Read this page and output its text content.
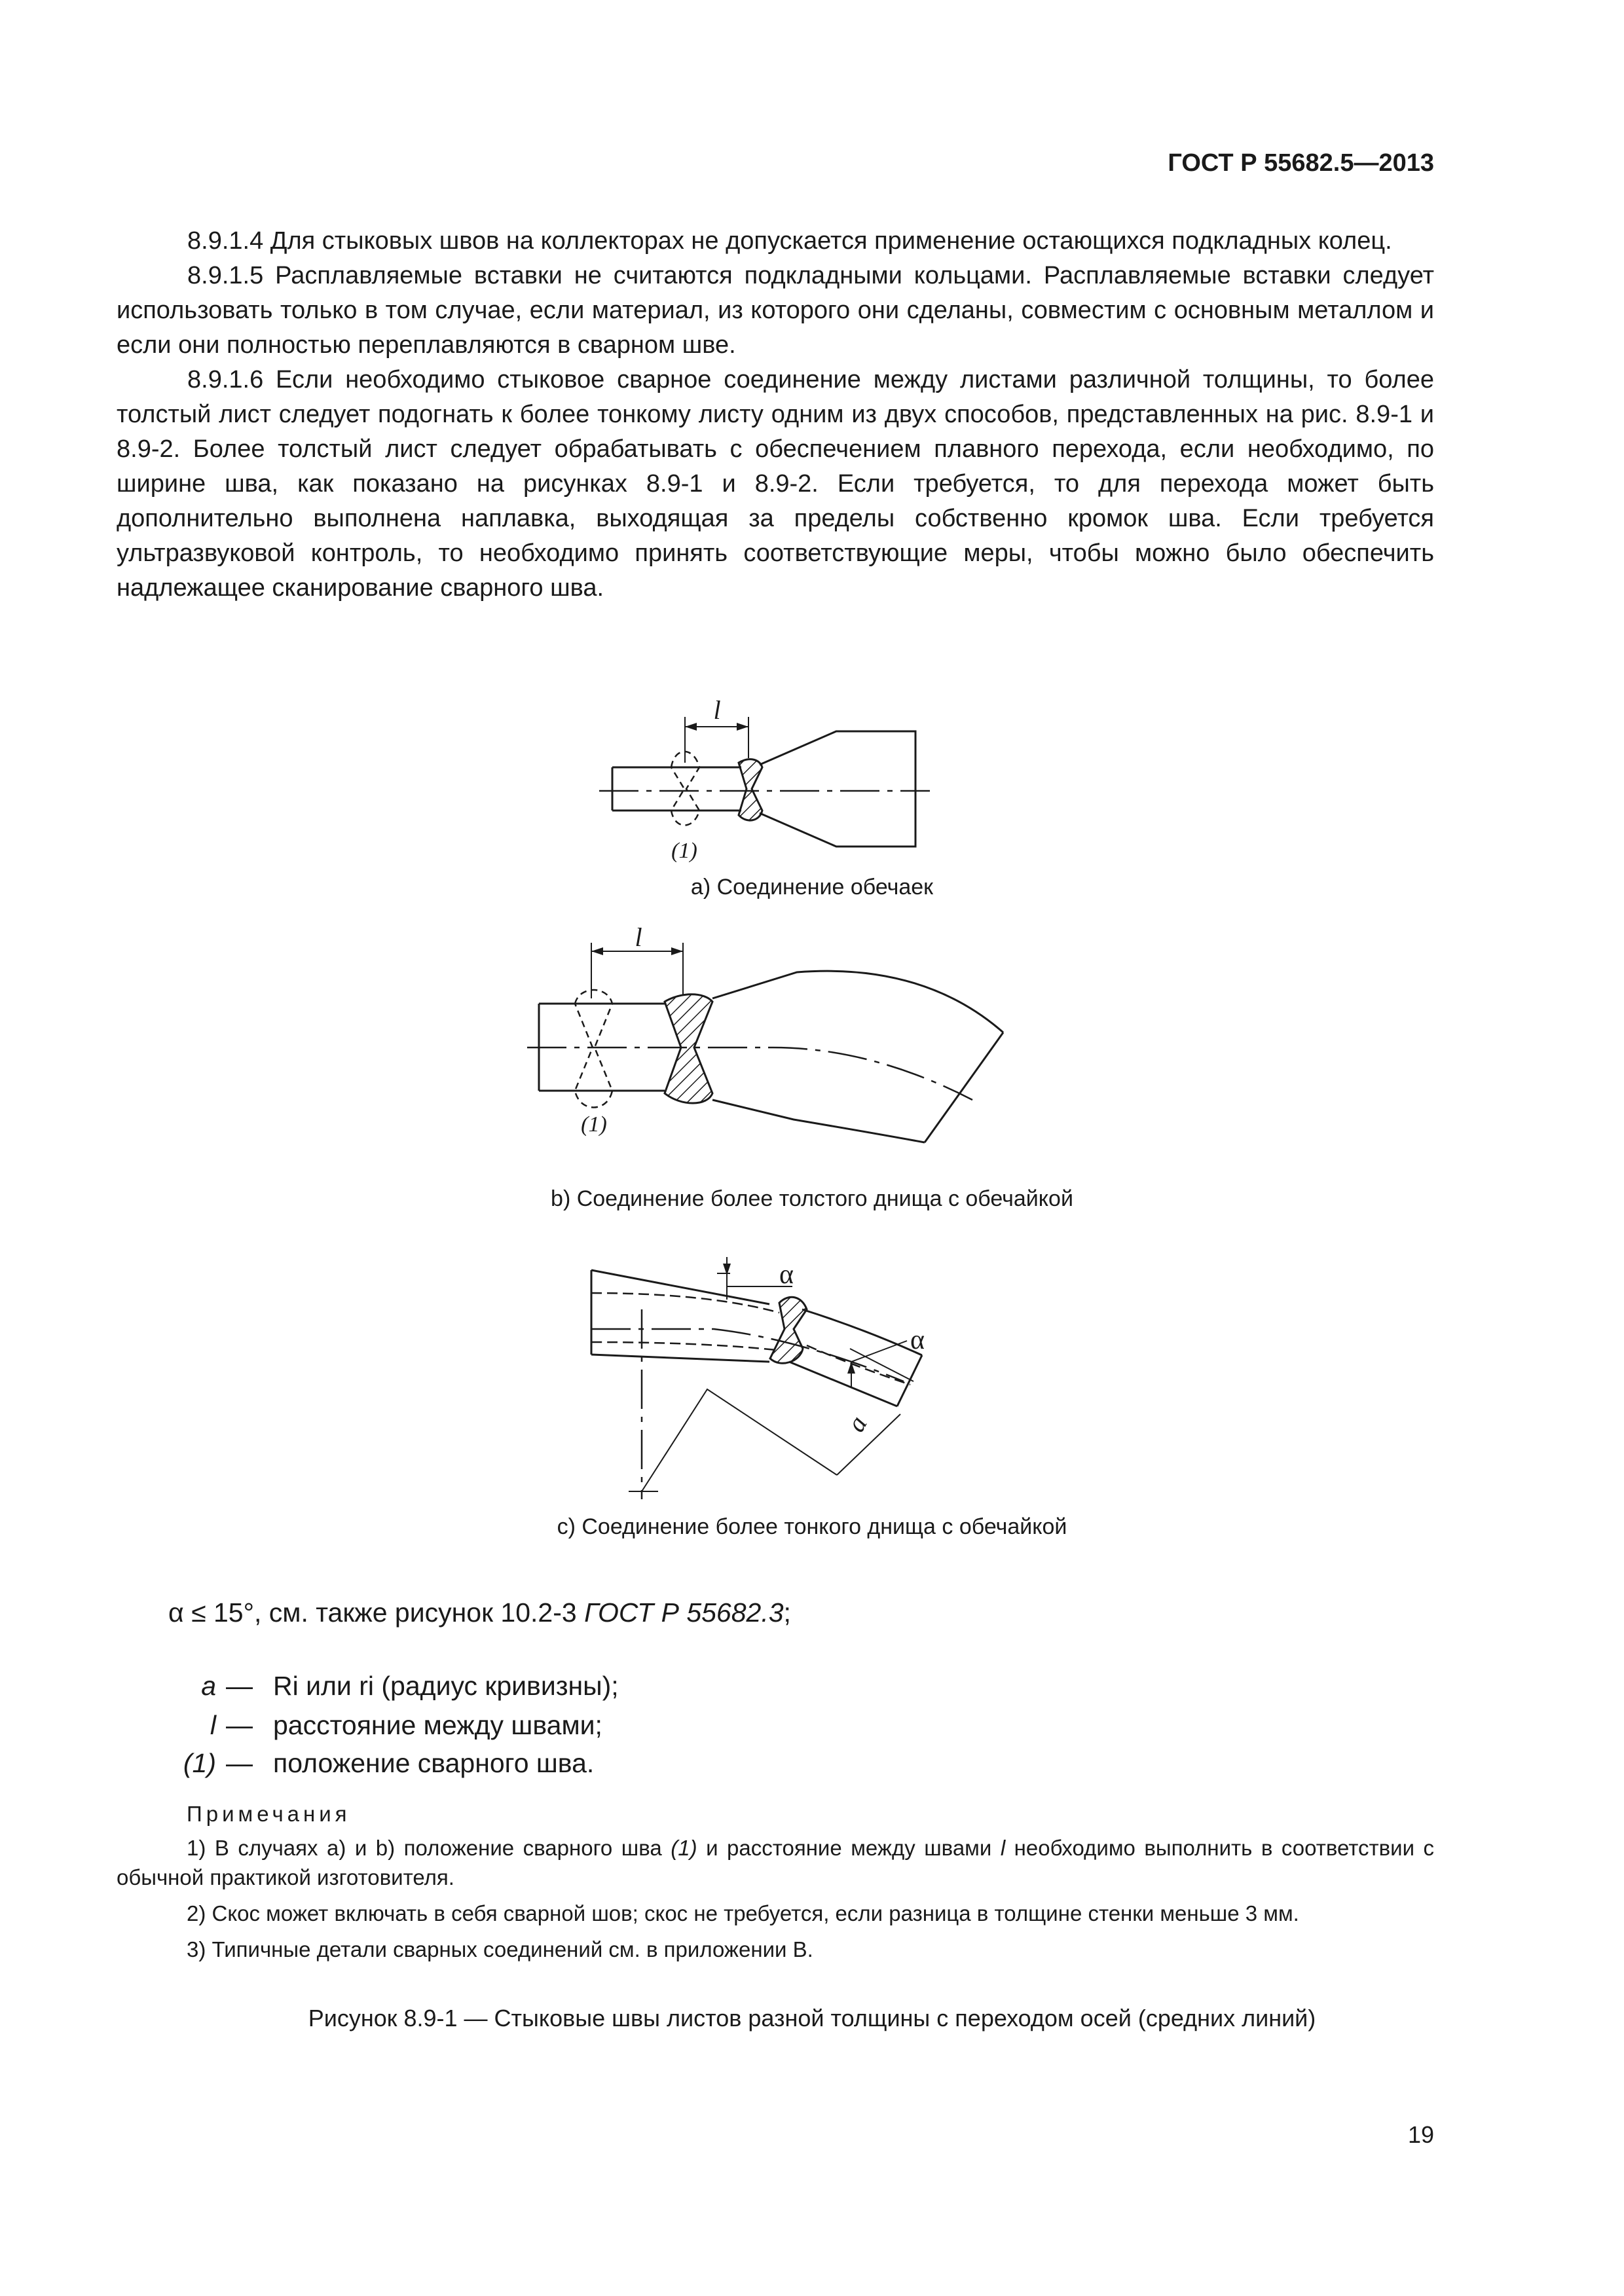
ГОСТ Р 55682.5—2013

8.9.1.4 Для стыковых швов на коллекторах не допускается применение остающихся подкладных колец.

8.9.1.5 Расплавляемые вставки не считаются подкладными кольцами. Расплавляемые вставки следует использовать только в том случае, если материал, из которого они сделаны, совместим с основным металлом и если они полностью переплавляются в сварном шве.

8.9.1.6 Если необходимо стыковое сварное соединение между листами различной толщины, то более толстый лист следует подогнать к более тонкому листу одним из двух способов, представленных на рис. 8.9-1 и 8.9-2. Более толстый лист следует обрабатывать с обеспечением плавного перехода, если необходимо, по ширине шва, как показано на рисунках 8.9-1 и 8.9-2. Если требуется, то для перехода может быть дополнительно выполнена наплавка, выходящая за пределы собственно кромок шва. Если требуется ультразвуковой контроль, то необходимо принять соответствующие меры, чтобы можно было обеспечить надлежащее сканирование сварного шва.

l
(1)
l
(1)
α
α
a
а) Соединение обечаек
b) Соединение более толстого днища с обечайкой
c) Соединение более тонкого днища с обечайкой
α ≤ 15°, см. также рисунок 10.2-3 ГОСТ Р 55682.3;
a — Ri или ri (радиус кривизны);
l — расстояние между швами;
(1) — положение сварного шва.
Примечания

1) В случаях а) и b) положение сварного шва (1) и расстояние между швами l необходимо выполнить в соответствии с обычной практикой изготовителя.

2) Скос может включать в себя сварной шов; скос не требуется, если разница в толщине стенки меньше 3 мм.

3) Типичные детали сварных соединений см. в приложении В.

Рисунок 8.9-1 — Стыковые швы листов разной толщины с переходом осей (средних линий)
19
